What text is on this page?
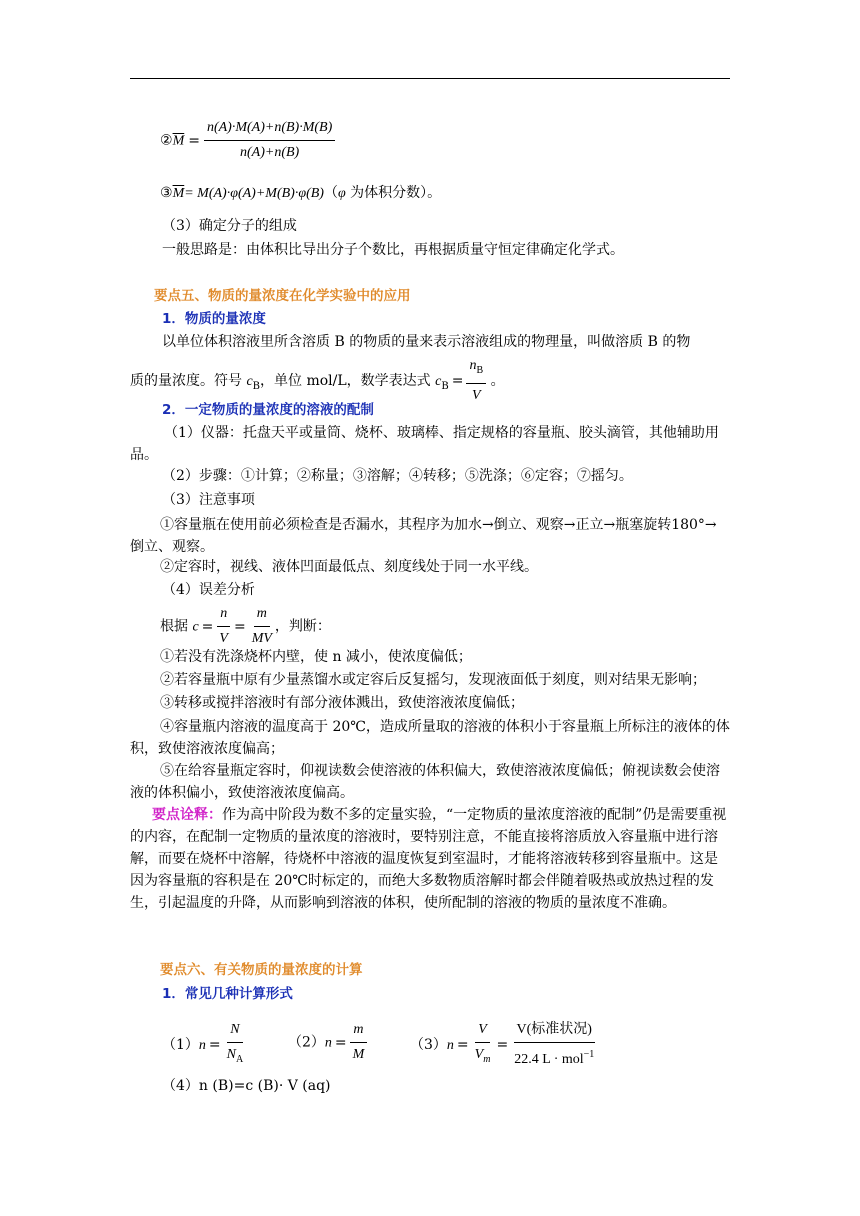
$②\overline{M} = \frac{n(A)\cdot M(A)+n(B)\cdot M(B)}{n(A)+n(B)}$
$③\overline{M}= M(A)\cdot\varphi(A)+M(B)\cdot\varphi(B)(\varphi$ 为体积分数）。
（3）确定分子的组成
一般思路是：由体积比导出分子个数比，再根据质量守恒定律确定化学式。
要点五、物质的量浓度在化学实验中的应用
1．物质的量浓度
以单位体积溶液里所含溶质 B 的物质的量来表示溶液组成的物理量，叫做溶质 B 的物
质的量浓度。符号 $c_B$，单位 mol/L，数学表达式 $c_B = \frac{n_B}{V}$ 。
2．一定物质的量浓度的溶液的配制
（1）仪器：托盘天平或量筒、烧杯、玻璃棒、指定规格的容量瓶、胶头滴管，其他辅助用品。
（2）步骤：①计算；②称量；③溶解；④转移；⑤洗涤；⑥定容；⑦摇匀。
（3）注意事项
①容量瓶在使用前必须检查是否漏水，其程序为加水→倒立、观察→正立→瓶塞旋转180°→倒立、观察。
②定容时，视线、液体凹面最低点、刻度线处于同一水平线。
（4）误差分析
根据 $c = \frac{n}{V} = \frac{m}{MV}$ ，判断：
①若没有洗涤烧杯内壁，使 n 减小，使浓度偏低；
②若容量瓶中原有少量蒸馏水或定容后反复摇匀，发现液面低于刻度，则对结果无影响；
③转移或搅拌溶液时有部分液体溅出，致使溶液浓度偏低；
④容量瓶内溶液的温度高于 20℃，造成所量取的溶液的体积小于容量瓶上所标注的液体的体积，致使溶液浓度偏高；
⑤在给容量瓶定容时，仰视读数会使溶液的体积偏大，致使溶液浓度偏低；俯视读数会使溶液的体积偏小，致使溶液浓度偏高。
要点诠释：作为高中阶段为数不多的定量实验，“一定物质的量浓度溶液的配制”仍是需要重视的内容，在配制一定物质的量浓度的溶液时，要特别注意，不能直接将溶质放入容量瓶中进行溶解，而要在烧杯中溶解，待烧杯中溶液的温度恢复到室温时，才能将溶液转移到容量瓶中。这是因为容量瓶的容积是在 20℃时标定的，而绝大多数物质溶解时都会伴随着吸热或放热过程的发生，引起温度的升降，从而影响到溶液的体积，使所配制的溶液的物质的量浓度不准确。
要点六、有关物质的量浓度的计算
1．常见几种计算形式
$(1)n = \frac{N}{N_A}$	$(2)n = \frac{m}{M}$	$(3)n = \frac{V}{V_m} = \frac{\text{V(标准状况)}}{22.4 L \cdot mol^{-1}}$
（4）n (B)=c (B)· V (aq)
